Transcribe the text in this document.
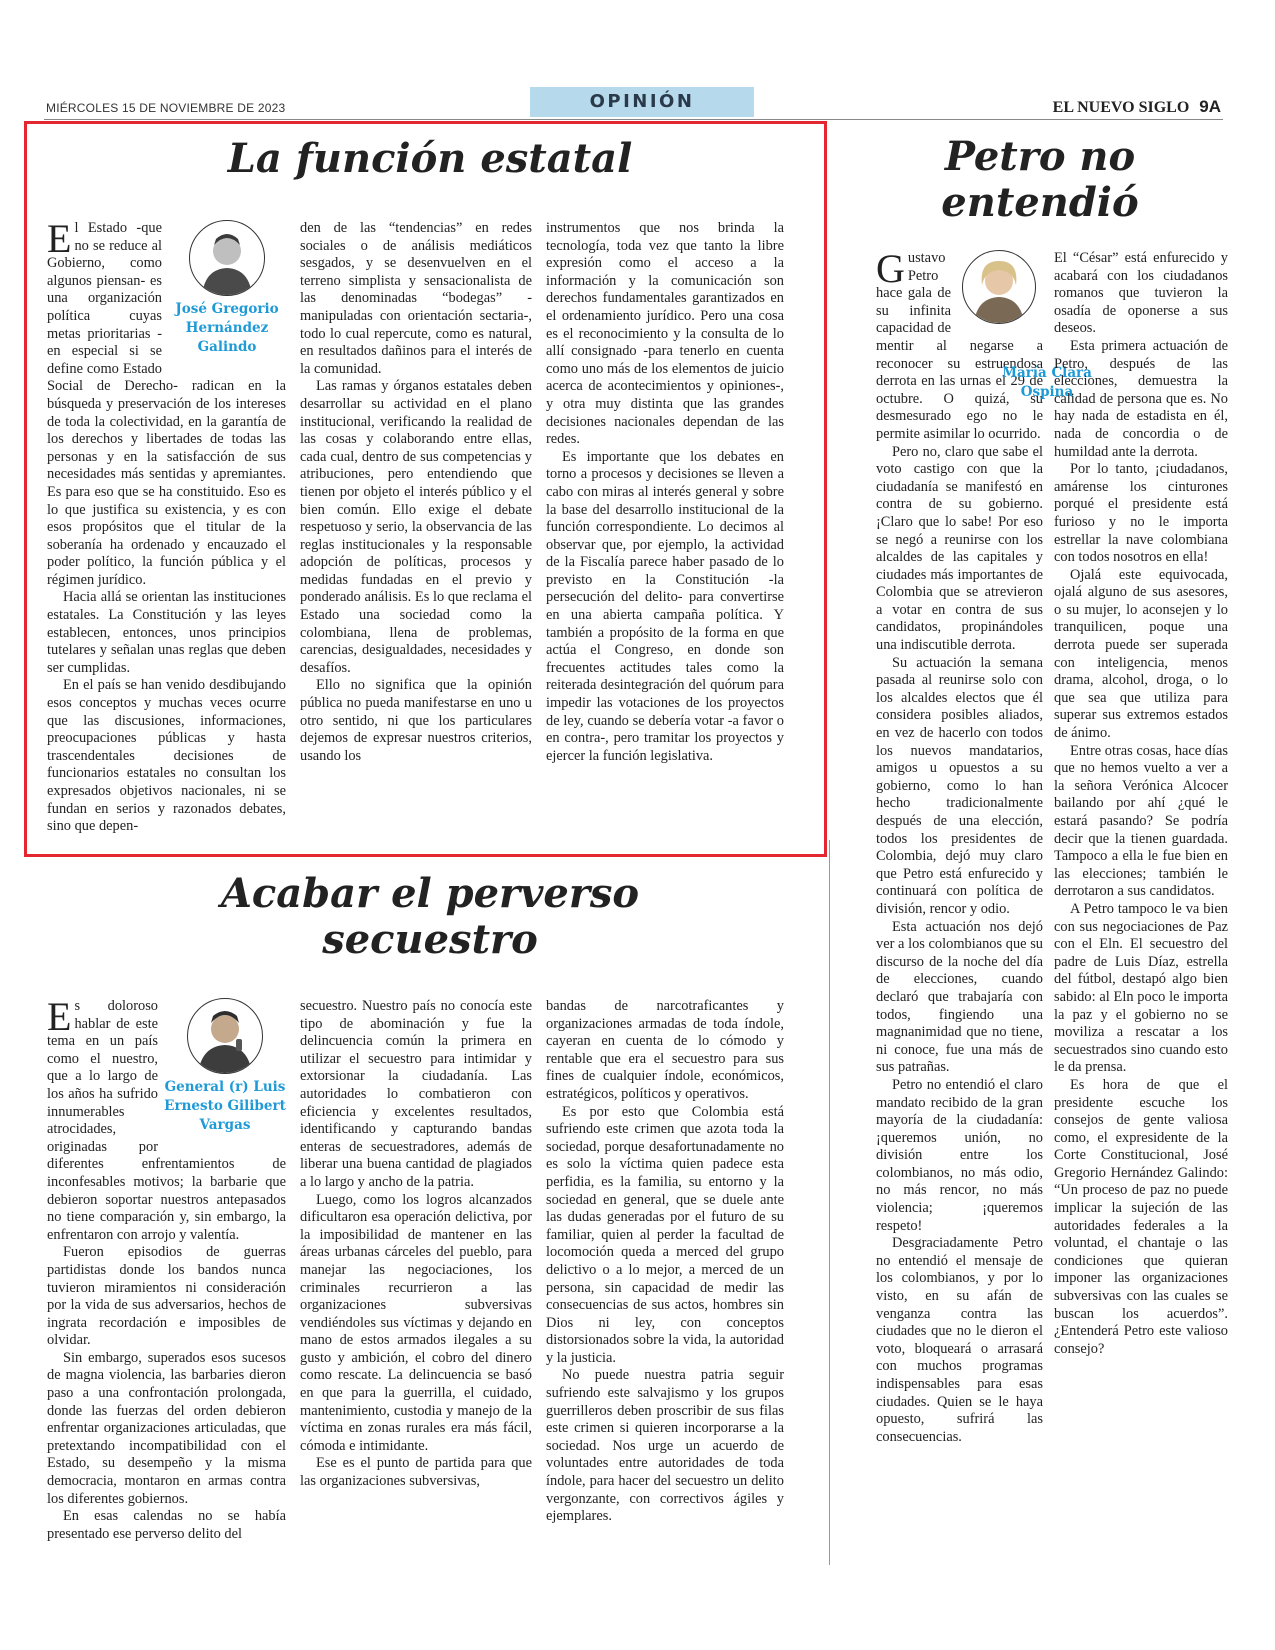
MIÉRCOLES 15 DE NOVIEMBRE DE 2023	OPINIÓN	EL NUEVO SIGLO 9A
La función estatal
José Gregorio Hernández Galindo

El Estado -que no se reduce al Gobierno, como algunos piensan- es una organización política cuyas metas prioritarias -en especial si se define como Estado Social de Derecho- radican en la búsqueda y preservación de los intereses de toda la colectividad, en la garantía de los derechos y libertades de todas las personas y en la satisfacción de sus necesidades más sentidas y apremiantes. Es para eso que se ha constituido. Eso es lo que justifica su existencia, y es con esos propósitos que el titular de la soberanía ha ordenado y encauzado el poder político, la función pública y el régimen jurídico.

Hacia allá se orientan las instituciones estatales. La Constitución y las leyes establecen, entonces, unos principios tutelares y señalan unas reglas que deben ser cumplidas.

En el país se han venido desdibujando esos conceptos y muchas veces ocurre que las discusiones, informaciones, preocupaciones públicas y hasta trascendentales decisiones de funcionarios estatales no consultan los expresados objetivos nacionales, ni se fundan en serios y razonados debates, sino que depen-

den de las “tendencias” en redes sociales o de análisis mediáticos sesgados, y se desenvuelven en el terreno simplista y sensacionalista de las denominadas “bodegas” -manipuladas con orientación sectaria-, todo lo cual repercute, como es natural, en resultados dañinos para el interés de la comunidad.

Las ramas y órganos estatales deben desarrollar su actividad en el plano institucional, verificando la realidad de las cosas y colaborando entre ellas, cada cual, dentro de sus competencias y atribuciones, pero entendiendo que tienen por objeto el interés público y el bien común. Ello exige el debate respetuoso y serio, la observancia de las reglas institucionales y la responsable adopción de políticas, procesos y medidas fundadas en el previo y ponderado análisis. Es lo que reclama el Estado una sociedad como la colombiana, llena de problemas, carencias, desigualdades, necesidades y desafíos.

Ello no significa que la opinión pública no pueda manifestarse en uno u otro sentido, ni que los particulares dejemos de expresar nuestros criterios, usando los

instrumentos que nos brinda la tecnología, toda vez que tanto la libre expresión como el acceso a la información y la comunicación son derechos fundamentales garantizados en el ordenamiento jurídico. Pero una cosa es el reconocimiento y la consulta de lo allí consignado -para tenerlo en cuenta como uno más de los elementos de juicio acerca de acontecimientos y opiniones-, y otra muy distinta que las grandes decisiones nacionales dependan de las redes.

Es importante que los debates en torno a procesos y decisiones se lleven a cabo con miras al interés general y sobre la base del desarrollo institucional de la función correspondiente. Lo decimos al observar que, por ejemplo, la actividad de la Fiscalía parece haber pasado de lo previsto en la Constitución -la persecución del delito- para convertirse en una abierta campaña política. Y también a propósito de la forma en que actúa el Congreso, en donde son frecuentes actitudes tales como la reiterada desintegración del quórum para impedir las votaciones de los proyectos de ley, cuando se debería votar -a favor o en contra-, pero tramitar los proyectos y ejercer la función legislativa.

Acabar el perverso secuestro
General (r) Luis Ernesto Gilibert Vargas

Es doloroso hablar de este tema en un país como el nuestro, que a lo largo de los años ha sufrido innumerables atrocidades, originadas por diferentes enfrentamientos de inconfesables motivos; la barbarie que debieron soportar nuestros antepasados no tiene comparación y, sin embargo, la enfrentaron con arrojo y valentía.

Fueron episodios de guerras partidistas donde los bandos nunca tuvieron miramientos ni consideración por la vida de sus adversarios, hechos de ingrata recordación e imposibles de olvidar.

Sin embargo, superados esos sucesos de magna violencia, las barbaries dieron paso a una confrontación prolongada, donde las fuerzas del orden debieron enfrentar organizaciones articuladas, que pretextando incompatibilidad con el Estado, su desempeño y la misma democracia, montaron en armas contra los diferentes gobiernos.

En esas calendas no se había presentado ese perverso delito del

secuestro. Nuestro país no conocía este tipo de abominación y fue la delincuencia común la primera en utilizar el secuestro para intimidar y extorsionar la ciudadanía. Las autoridades lo combatieron con eficiencia y excelentes resultados, identificando y capturando bandas enteras de secuestradores, además de liberar una buena cantidad de plagiados a lo largo y ancho de la patria.

Luego, como los logros alcanzados dificultaron esa operación delictiva, por la imposibilidad de mantener en las áreas urbanas cárceles del pueblo, para manejar las negociaciones, los criminales recurrieron a las organizaciones subversivas vendiéndoles sus víctimas y dejando en mano de estos armados ilegales a su gusto y ambición, el cobro del dinero como rescate. La delincuencia se basó en que para la guerrilla, el cuidado, mantenimiento, custodia y manejo de la víctima en zonas rurales era más fácil, cómoda e intimidante.

Ese es el punto de partida para que las organizaciones subversivas,

bandas de narcotraficantes y organizaciones armadas de toda índole, cayeran en cuenta de lo cómodo y rentable que era el secuestro para sus fines de cualquier índole, económicos, estratégicos, políticos y operativos.

Es por esto que Colombia está sufriendo este crimen que azota toda la sociedad, porque desafortunadamente no es solo la víctima quien padece esta perfidia, es la familia, su entorno y la sociedad en general, que se duele ante las dudas generadas por el futuro de su familiar, quien al perder la facultad de locomoción queda a merced del grupo delictivo o a lo mejor, a merced de un persona, sin capacidad de medir las consecuencias de sus actos, hombres sin Dios ni ley, con conceptos distorsionados sobre la vida, la autoridad y la justicia.

No puede nuestra patria seguir sufriendo este salvajismo y los grupos guerrilleros deben proscribir de sus filas este crimen si quieren incorporarse a la sociedad. Nos urge un acuerdo de voluntades entre autoridades de toda índole, para hacer del secuestro un delito vergonzante, con correctivos ágiles y ejemplares.

Petro no entendió

Gustavo Petro hace gala de su infinita capacidad de mentir al negarse a reconocer su estruendosa derrota en las urnas el 29 de octubre. O quizá, su desmesurado ego no le permite asimilar lo ocurrido.

Pero no, claro que sabe el voto castigo con que la ciudadanía se manifestó en contra de su gobierno. ¡Claro que lo sabe! Por eso se negó a reunirse con los alcaldes de las capitales y ciudades más importantes de Colombia que se atrevieron a votar en contra de sus candidatos, propinándoles una indiscutible derrota.

Su actuación la semana pasada al reunirse solo con los alcaldes electos que él considera posibles aliados, en vez de hacerlo con todos los nuevos mandatarios, amigos u opuestos a su gobierno, como lo han hecho tradicionalmente después de una elección, todos los presidentes de Colombia, dejó muy claro que Petro está enfurecido y continuará con política de división, rencor y odio.

Esta actuación nos dejó ver a los colombianos que su discurso de la noche del día de elecciones, cuando declaró que trabajaría con todos, fingiendo una magnanimidad que no tiene, ni conoce, fue una más de sus patrañas.

Petro no entendió el claro mandato recibido de la gran mayoría de la ciudadanía: ¡queremos unión, no división entre los colombianos, no más odio, no más rencor, no más violencia; ¡queremos respeto!

Desgraciadamente Petro no entendió el mensaje de los colombianos, y por lo visto, en su afán de venganza contra las ciudades que no le dieron el voto, bloqueará o arrasará con muchos programas indispensables para esas ciudades. Quien se le haya opuesto, sufrirá las consecuencias.

María Clara Ospina

El “César” está enfurecido y acabará con los ciudadanos romanos que tuvieron la osadía de oponerse a sus deseos.

Esta primera actuación de Petro, después de las elecciones, demuestra la calidad de persona que es. No hay nada de estadista en él, nada de concordia o de humildad ante la derrota.

Por lo tanto, ¡ciudadanos, amárense los cinturones porqué el presidente está furioso y no le importa estrellar la nave colombiana con todos nosotros en ella!

Ojalá este equivocada, ojalá alguno de sus asesores, o su mujer, lo aconsejen y lo tranquilicen, poque una derrota puede ser superada con inteligencia, menos drama, alcohol, droga, o lo que sea que utiliza para superar sus extremos estados de ánimo.

Entre otras cosas, hace días que no hemos vuelto a ver a la señora Verónica Alcocer bailando por ahí ¿qué le estará pasando? Se podría decir que la tienen guardada. Tampoco a ella le fue bien en las elecciones; también le derrotaron a sus candidatos.

A Petro tampoco le va bien con sus negociaciones de Paz con el Eln. El secuestro del padre de Luis Díaz, estrella del fútbol, destapó algo bien sabido: al Eln poco le importa la paz y el gobierno no se moviliza a rescatar a los secuestrados sino cuando esto le da prensa.

Es hora de que el presidente escuche los consejos de gente valiosa como, el expresidente de la Corte Constitucional, José Gregorio Hernández Galindo: “Un proceso de paz no puede implicar la sujeción de las autoridades federales a la voluntad, el chantaje o las condiciones que quieran imponer las organizaciones subversivas con las cuales se buscan los acuerdos”. ¿Entenderá Petro este valioso consejo?
